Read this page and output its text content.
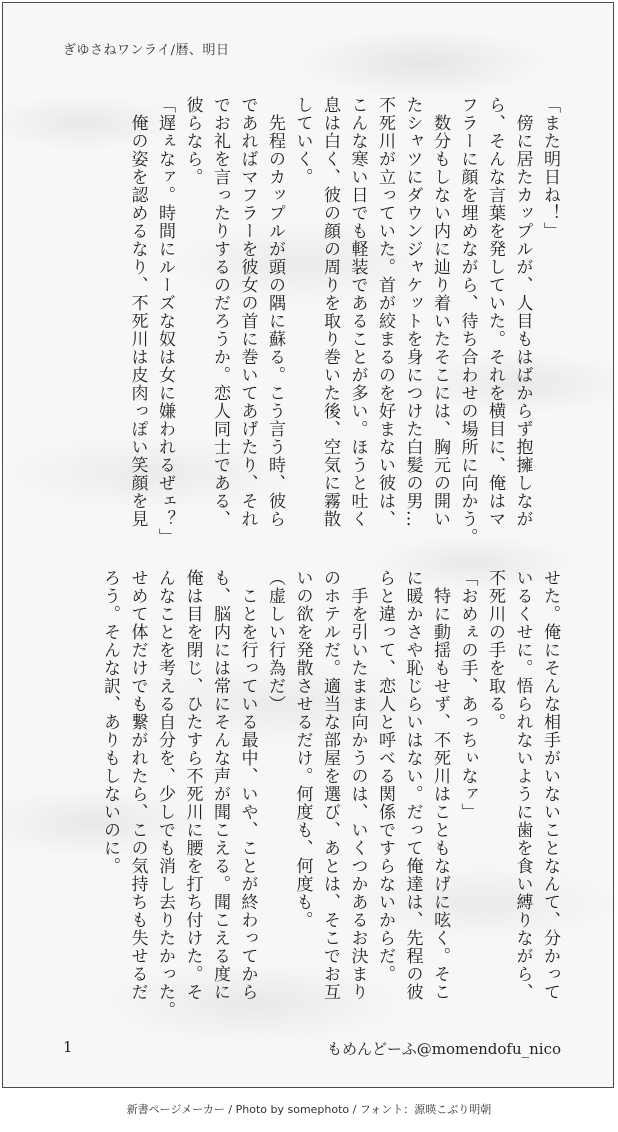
ぎゆさねワンライ/暦、明日
「また明日ね！」
　傍に居たカップルが、人目もはばからず抱擁しなが
ら、そんな言葉を発していた。それを横目に、俺はマ
フラーに顔を埋めながら、待ち合わせの場所に向かう。
　数分もしない内に辿り着いたそこには、胸元の開い
たシャツにダウンジャケットを身につけた白髪の男…
不死川が立っていた。首が絞まるのを好まない彼は、
こんな寒い日でも軽装であることが多い。ほうと吐く
息は白く、彼の顔の周りを取り巻いた後、空気に霧散
していく。
　先程のカップルが頭の隅に蘇る。こう言う時、彼ら
であればマフラーを彼女の首に巻いてあげたり、それ
でお礼を言ったりするのだろうか。恋人同士である、
彼らなら。
「遅ぇなァ。時間にルーズな奴は女に嫌われるぜェ？」
　俺の姿を認めるなり、不死川は皮肉っぽい笑顔を見
せた。俺にそんな相手がいないことなんて、分かって
いるくせに。悟られないように歯を食い縛りながら、
不死川の手を取る。
「おめぇの手、あっちぃなァ」
　特に動揺もせず、不死川はこともなげに呟く。そこ
に暖かさや恥じらいはない。だって俺達は、先程の彼
らと違って、恋人と呼べる関係ですらないからだ。
　手を引いたまま向かうのは、いくつかあるお決まり
のホテルだ。適当な部屋を選び、あとは、そこでお互
いの欲を発散させるだけ。何度も、何度も。
（虚しい行為だ）
　ことを行っている最中、いや、ことが終わってから
も、脳内には常にそんな声が聞こえる。聞こえる度に
俺は目を閉じ、ひたすら不死川に腰を打ち付けた。そ
んなことを考える自分を、少しでも消し去りたかった。
せめて体だけでも繋がれたら、この気持ちも失せるだ
ろう。そんな訳、ありもしないのに。
1	もめんどーふ@momendofu_nico
新書ページメーカー / Photo by somephoto / フォント：源暎こぶり明朝
